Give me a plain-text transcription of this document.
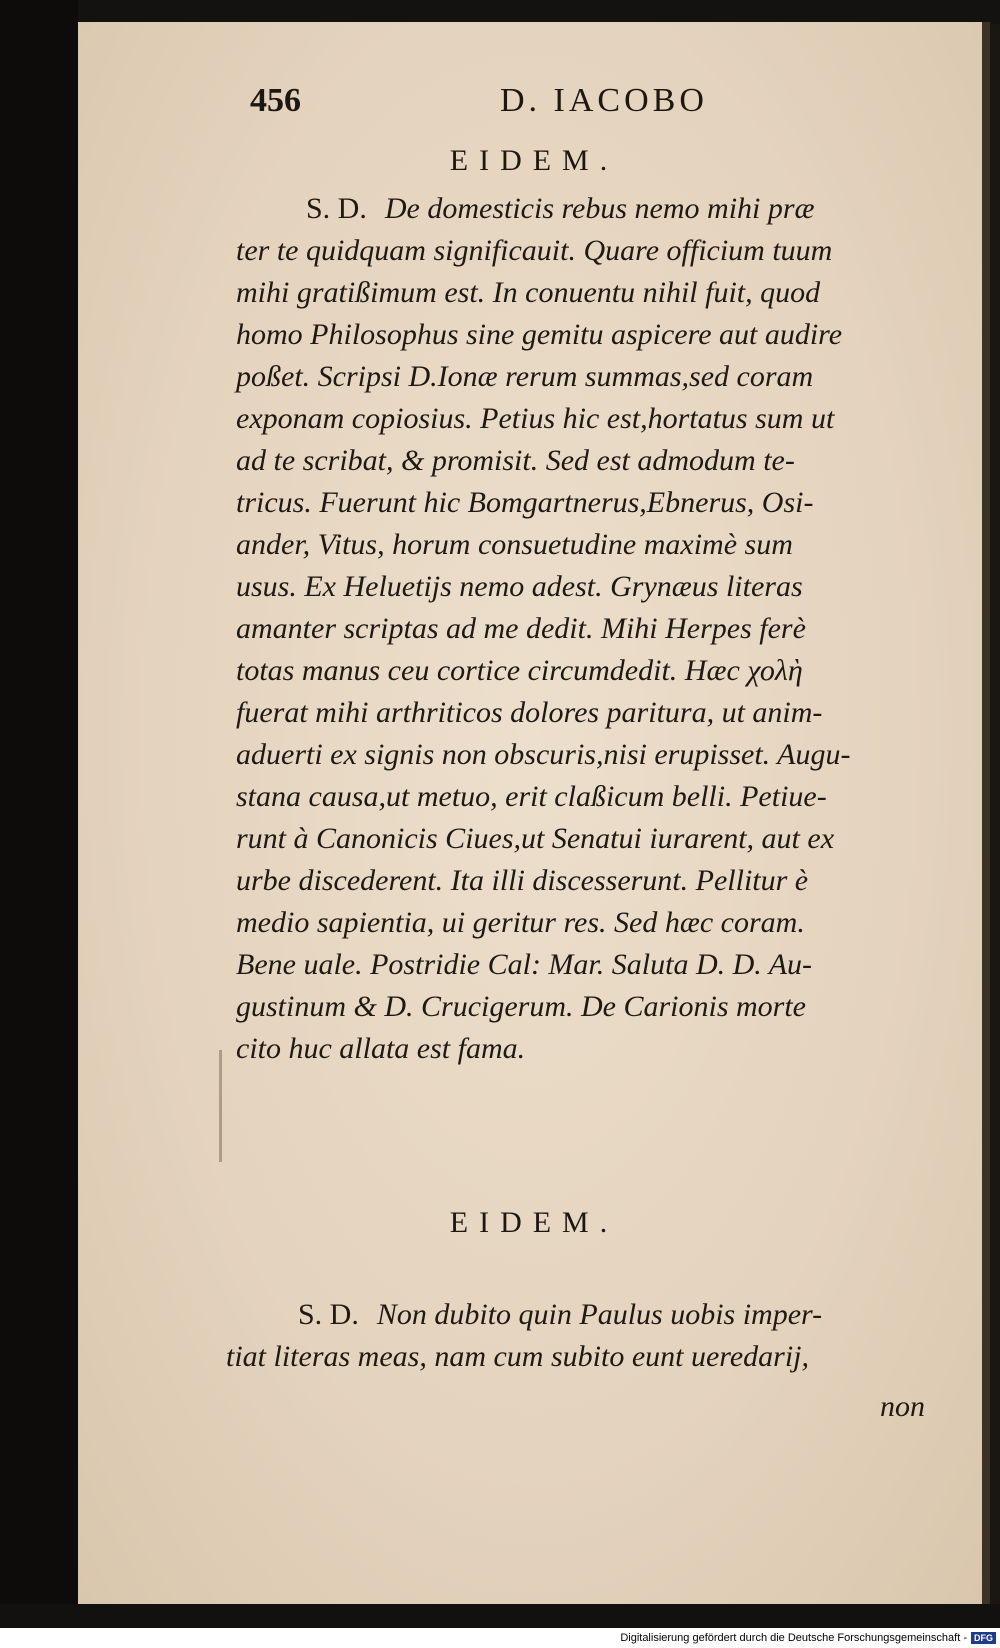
456	D. IACOBO
EIDEM.
S. D. De domesticis rebus nemo mihi præ
ter te quidquam significauit. Quare officium tuum
mihi gratißimum est. In conuentu nihil fuit, quod
homo Philosophus sine gemitu aspicere aut audire
poßet. Scripsi D.Ionæ rerum summas,sed coram
exponam copiosius. Petius hic est,hortatus sum ut
ad te scribat, & promisit. Sed est admodum te-
tricus. Fuerunt hic Bomgartnerus,Ebnerus, Osi-
ander, Vitus, horum consuetudine maximè sum
usus. Ex Heluetijs nemo adest. Grynæus literas
amanter scriptas ad me dedit. Mihi Herpes ferè
totas manus ceu cortice circumdedit. Hæc χολὴ
fuerat mihi arthriticos dolores paritura, ut anim-
aduerti ex signis non obscuris,nisi erupisset. Augu-
stana causa,ut metuo, erit claßicum belli. Petiue-
runt à Canonicis Ciues,ut Senatui iurarent, aut ex
urbe discederent. Ita illi discesserunt. Pellitur è
medio sapientia, ui geritur res. Sed hæc coram.
Bene uale. Postridie Cal: Mar. Saluta D. D. Au-
gustinum & D. Crucigerum. De Carionis morte
cito huc allata est fama.
EIDEM.
S. D. Non dubito quin Paulus uobis imper-
tiat literas meas, nam cum subito eunt ueredarij,
non
Digitalisierung gefördert durch die Deutsche Forschungsgemeinschaft - DFG
